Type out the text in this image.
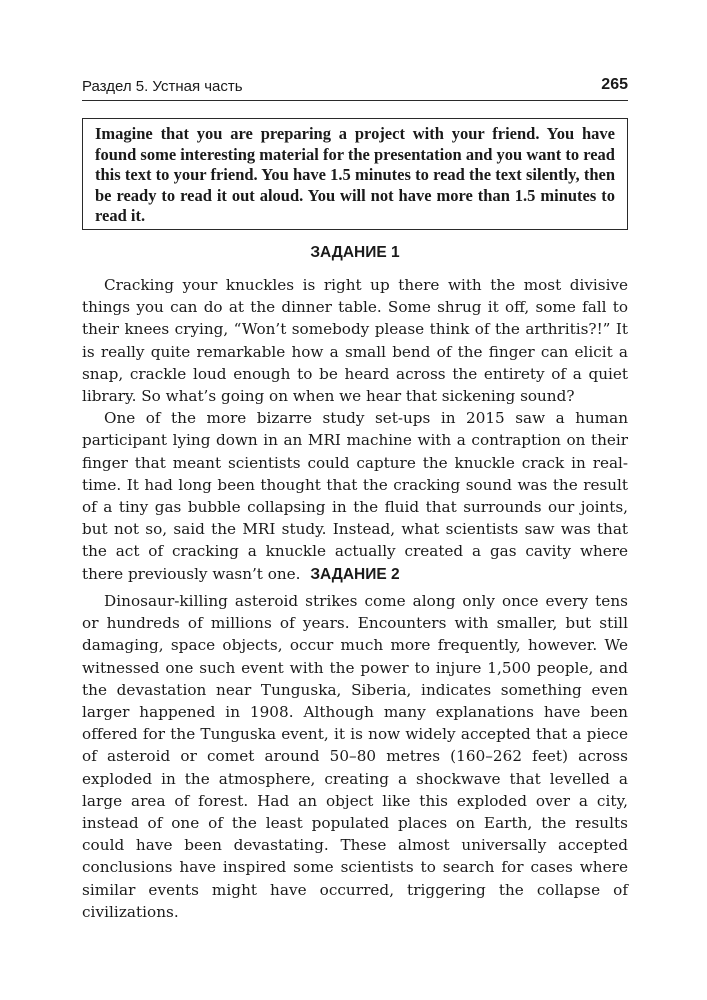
Раздел 5. Устная часть	265
Imagine that you are preparing a project with your friend. You have found some interesting material for the presentation and you want to read this text to your friend. You have 1.5 minutes to read the text silently, then be ready to read it out aloud. You will not have more than 1.5 minutes to read it.
ЗАДАНИЕ 1

Cracking your knuckles is right up there with the most divisive things you can do at the dinner table. Some shrug it off, some fall to their knees crying, “Won’t somebody please think of the arthritis?!” It is really quite remarkable how a small bend of the finger can elicit a snap, crackle loud enough to be heard across the entirety of a quiet library. So what’s going on when we hear that sickening sound?

One of the more bizarre study set-ups in 2015 saw a human participant lying down in an MRI machine with a contraption on their finger that meant scientists could capture the knuckle crack in real-time. It had long been thought that the cracking sound was the result of a tiny gas bubble collapsing in the fluid that surrounds our joints, but not so, said the MRI study. Instead, what scientists saw was that the act of cracking a knuckle actually created a gas cavity where there previously wasn’t one. ЗАДАНИЕ 2

Dinosaur-killing asteroid strikes come along only once every tens or hundreds of millions of years. Encounters with smaller, but still damaging, space objects, occur much more frequently, however. We witnessed one such event with the power to injure 1,500 people, and the devastation near Tunguska, Siberia, indicates something even larger happened in 1908. Although many explanations have been offered for the Tunguska event, it is now widely accepted that a piece of asteroid or comet around 50–80 metres (160–262 feet) across exploded in the atmosphere, creating a shockwave that levelled a large area of forest. Had an object like this exploded over a city, instead of one of the least populated places on Earth, the results could have been devastating. These almost universally accepted conclusions have inspired some scientists to search for cases where similar events might have occurred, triggering the collapse of civilizations.
